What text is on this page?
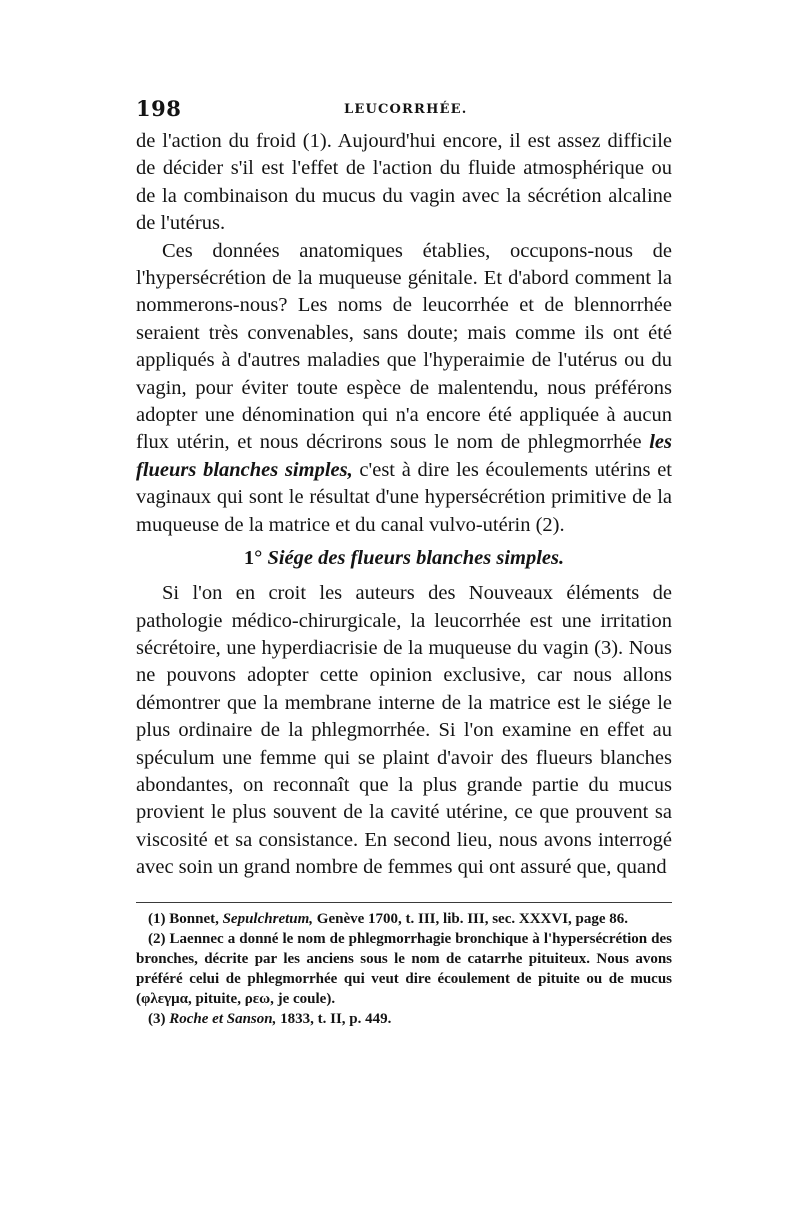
198	LEUCORRHÉE.

de l'action du froid (1). Aujourd'hui encore, il est assez difficile de décider s'il est l'effet de l'action du fluide atmosphérique ou de la combinaison du mucus du vagin avec la sécrétion alcaline de l'utérus.

Ces données anatomiques établies, occupons-nous de l'hypersécrétion de la muqueuse génitale. Et d'abord comment la nommerons-nous? Les noms de leucorrhée et de blennorrhée seraient très convenables, sans doute; mais comme ils ont été appliqués à d'autres maladies que l'hyperaimie de l'utérus ou du vagin, pour éviter toute espèce de malentendu, nous préférons adopter une dénomination qui n'a encore été appliquée à aucun flux utérin, et nous décrirons sous le nom de phlegmorrhée les flueurs blanches simples, c'est à dire les écoulements utérins et vaginaux qui sont le résultat d'une hypersécrétion primitive de la muqueuse de la matrice et du canal vulvo-utérin (2).

1° Siége des flueurs blanches simples.

Si l'on en croit les auteurs des Nouveaux éléments de pathologie médico-chirurgicale, la leucorrhée est une irritation sécrétoire, une hyperdiacrisie de la muqueuse du vagin (3). Nous ne pouvons adopter cette opinion exclusive, car nous allons démontrer que la membrane interne de la matrice est le siége le plus ordinaire de la phlegmorrhée. Si l'on examine en effet au spéculum une femme qui se plaint d'avoir des flueurs blanches abondantes, on reconnaît que la plus grande partie du mucus provient le plus souvent de la cavité utérine, ce que prouvent sa viscosité et sa consistance. En second lieu, nous avons interrogé avec soin un grand nombre de femmes qui ont assuré que, quand

(1) Bonnet, Sepulchretum, Genève 1700, t. III, lib. III, sec. XXXVI, page 86.

(2) Laennec a donné le nom de phlegmorrhagie bronchique à l'hypersécrétion des bronches, décrite par les anciens sous le nom de catarrhe pituiteux. Nous avons préféré celui de phlegmorrhée qui veut dire écoulement de pituite ou de mucus (φλεγμα, pituite, ρεω, je coule).

(3) Roche et Sanson, 1833, t. II, p. 449.
